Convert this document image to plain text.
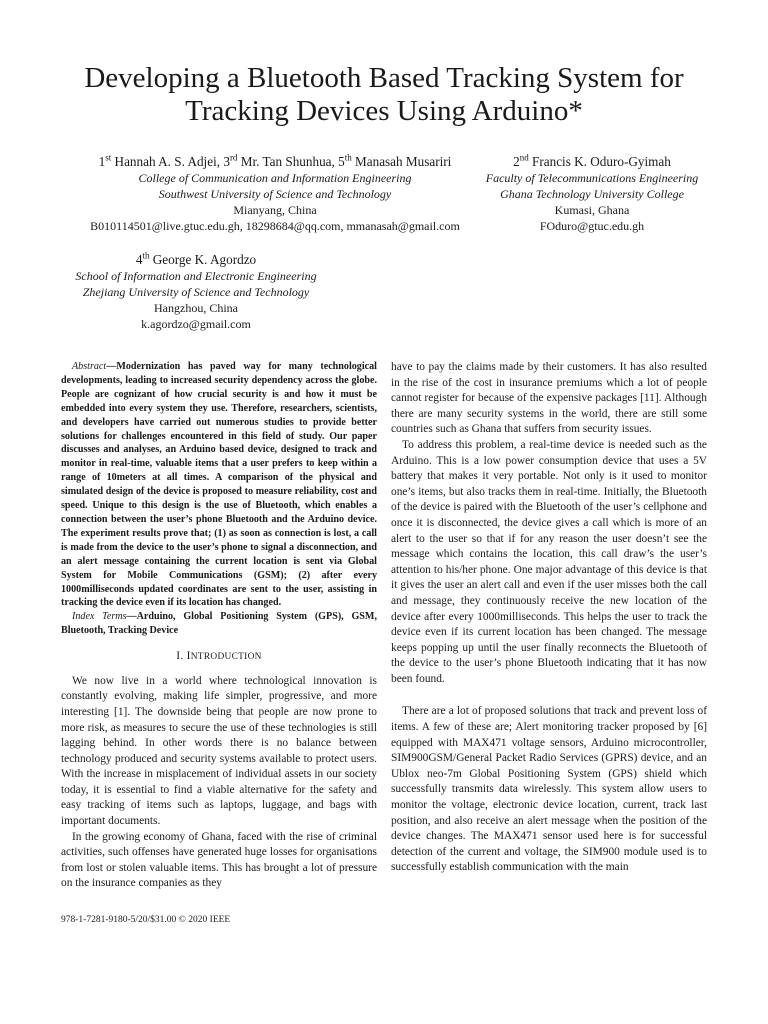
Developing a Bluetooth Based Tracking System for Tracking Devices Using Arduino*
1st Hannah A. S. Adjei, 3rd Mr. Tan Shunhua, 5th Manasah Musariri
College of Communication and Information Engineering
Southwest University of Science and Technology
Mianyang, China
B010114501@live.gtuc.edu.gh, 18298684@qq.com, mmanasah@gmail.com
2nd Francis K. Oduro-Gyimah
Faculty of Telecommunications Engineering
Ghana Technology University College
Kumasi, Ghana
FOduro@gtuc.edu.gh
4th George K. Agordzo
School of Information and Electronic Engineering
Zhejiang University of Science and Technology
Hangzhou, China
k.agordzo@gmail.com

Abstract—Modernization has paved way for many technological developments, leading to increased security dependency across the globe. People are cognizant of how crucial security is and how it must be embedded into every system they use. Therefore, researchers, scientists, and developers have carried out numerous studies to provide better solutions for challenges encountered in this field of study. Our paper discusses and analyses, an Arduino based device, designed to track and monitor in real-time, valuable items that a user prefers to keep within a range of 10meters at all times. A comparison of the physical and simulated design of the device is proposed to measure reliability, cost and speed. Unique to this design is the use of Bluetooth, which enables a connection between the user’s phone Bluetooth and the Arduino device. The experiment results prove that; (1) as soon as connection is lost, a call is made from the device to the user’s phone to signal a disconnection, and an alert message containing the current location is sent via Global System for Mobile Communications (GSM); (2) after every 1000milliseconds updated coordinates are sent to the user, assisting in tracking the device even if its location has changed.

Index Terms—Arduino, Global Positioning System (GPS), GSM, Bluetooth, Tracking Device

I. INTRODUCTION

We now live in a world where technological innovation is constantly evolving, making life simpler, progressive, and more interesting [1]. The downside being that people are now prone to more risk, as measures to secure the use of these technologies is still lagging behind. In other words there is no balance between technology produced and security systems available to protect users. With the increase in misplacement of individual assets in our society today, it is essential to find a viable alternative for the safety and easy tracking of items such as laptops, luggage, and bags with important documents.

In the growing economy of Ghana, faced with the rise of criminal activities, such offenses have generated huge losses for organisations from lost or stolen valuable items. This has brought a lot of pressure on the insurance companies as they

have to pay the claims made by their customers. It has also resulted in the rise of the cost in insurance premiums which a lot of people cannot register for because of the expensive packages [11]. Although there are many security systems in the world, there are still some countries such as Ghana that suffers from security issues.

To address this problem, a real-time device is needed such as the Arduino. This is a low power consumption device that uses a 5V battery that makes it very portable. Not only is it used to monitor one’s items, but also tracks them in real-time. Initially, the Bluetooth of the device is paired with the Bluetooth of the user’s cellphone and once it is disconnected, the device gives a call which is more of an alert to the user so that if for any reason the user doesn’t see the message which contains the location, this call draw’s the user’s attention to his/her phone. One major advantage of this device is that it gives the user an alert call and even if the user misses both the call and message, they continuously receive the new location of the device after every 1000milliseconds. This helps the user to track the device even if its current location has been changed. The message keeps popping up until the user finally reconnects the Bluetooth of the device to the user’s phone Bluetooth indicating that it has now been found.

There are a lot of proposed solutions that track and prevent loss of items. A few of these are; Alert monitoring tracker proposed by [6] equipped with MAX471 voltage sensors, Arduino microcontroller, SIM900GSM/General Packet Radio Services (GPRS) device, and an Ublox neo-7m Global Positioning System (GPS) shield which successfully transmits data wirelessly. This system allow users to monitor the voltage, electronic device location, current, track last position, and also receive an alert message when the position of the device changes. The MAX471 sensor used here is for successful detection of the current and voltage, the SIM900 module used is to successfully establish communication with the main

978-1-7281-9180-5/20/$31.00 © 2020 IEEE
